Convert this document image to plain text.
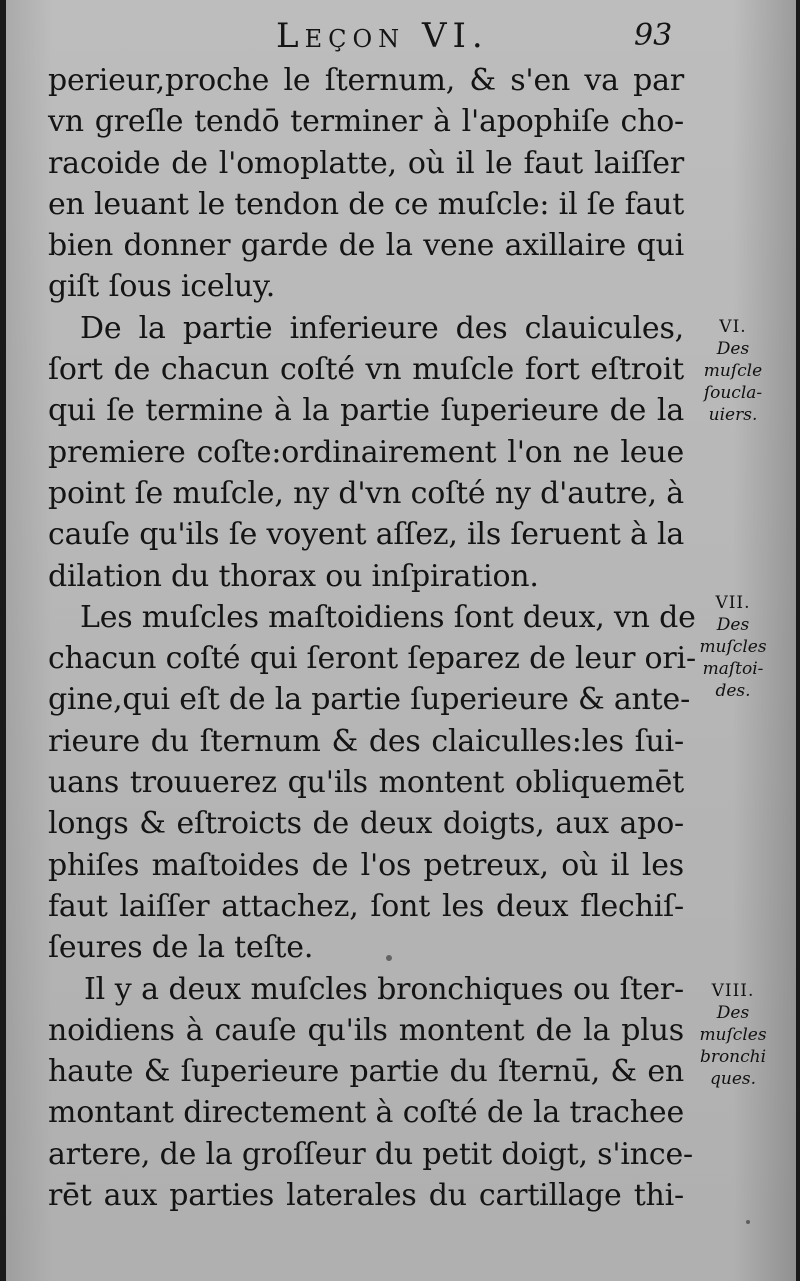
Leçon VI.	93
perieur,proche le ſternum, & s'en va par
vn greſle tendō terminer à l'apophiſe cho-
racoide de l'omoplatte, où il le faut laiſſer
en leuant le tendon de ce muſcle: il ſe faut
bien donner garde de la vene axillaire qui
giſt ſous iceluy.
De la partie inferieure des clauicules,
ſort de chacun coſté vn muſcle fort eſtroit
qui ſe termine à la partie ſuperieure de la
premiere coſte:ordinairement l'on ne leue
point ſe muſcle, ny d'vn coſté ny d'autre, à
cauſe qu'ils ſe voyent aſſez, ils ſeruent à la
dilation du thorax ou inſpiration.
Les muſcles maſtoidiens ſont deux, vn de
chacun coſté qui ſeront ſeparez de leur ori-
gine,qui eſt de la partie ſuperieure & ante-
rieure du ſternum & des claiculles:les ſui-
uans trouuerez qu'ils montent obliquemēt
longs & eſtroicts de deux doigts, aux apo-
phiſes maſtoides de l'os petreux, où il les
faut laiſſer attachez, ſont les deux flechiſ-
ſeures de la teſte.
Il y a deux muſcles bronchiques ou ſter-
noidiens à cauſe qu'ils montent de la plus
haute & ſuperieure partie du ſternū, & en
montant directement à coſté de la trachee
artere, de la groſſeur du petit doigt, s'ince-
rēt aux parties laterales du cartillage thi-
VI.
Des
muſcle
ſoucla-
uiers.
VII.
Des
muſcles
maſtoi-
des.
VIII.
Des
muſcles
bronchi
ques.
